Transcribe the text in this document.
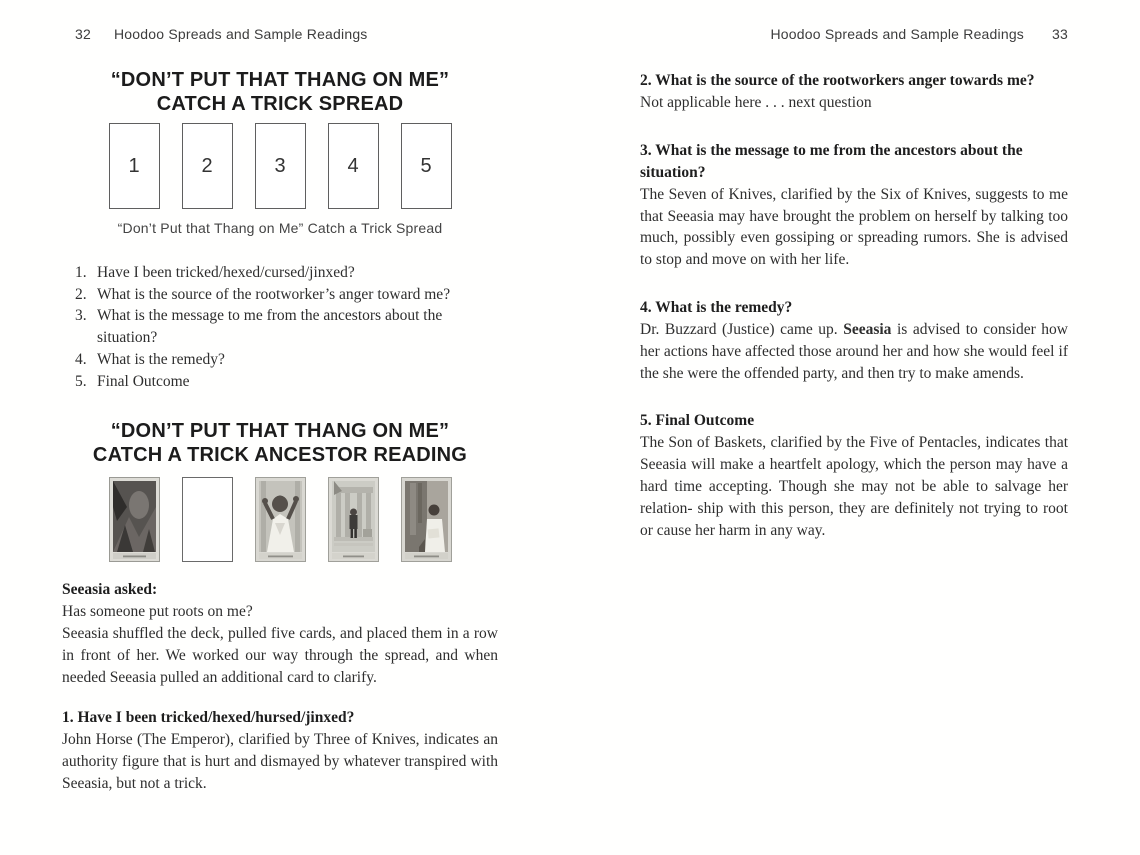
32 Hoodoo Spreads and Sample Readings
“DON’T PUT THAT THANG ON ME”
CATCH A TRICK SPREAD
1	2	3	4	5
“Don’t Put that Thang on Me” Catch a Trick Spread
1. Have I been tricked/hexed/cursed/jinxed?
2. What is the source of the rootworker’s anger toward me?
3. What is the message to me from the ancestors about the situation?
4. What is the remedy?
5. Final Outcome
“DON’T PUT THAT THANG ON ME”
CATCH A TRICK ANCESTOR READING

Seeasia asked:

Has someone put roots on me?

Seeasia shuffled the deck, pulled five cards, and placed them in a row in front of her. We worked our way through the spread, and when needed Seeasia pulled an additional card to clarify.

1. Have I been tricked/hexed/hursed/jinxed?

John Horse (The Emperor), clarified by Three of Knives, indicates an authority figure that is hurt and dismayed by whatever transpired with Seeasia, but not a trick.

Hoodoo Spreads and Sample Readings 33

2. What is the source of the rootworkers anger towards me?

Not applicable here . . . next question

3. What is the message to me from the ancestors about the situation?

The Seven of Knives, clarified by the Six of Knives, suggests to me that Seeasia may have brought the problem on herself by talking too much, possibly even gossiping or spreading rumors. She is advised to stop and move on with her life.

4. What is the remedy?

Dr. Buzzard (Justice) came up. Seeasia is advised to consider how her actions have affected those around her and how she would feel if the she were the offended party, and then try to make amends.

5. Final Outcome

The Son of Baskets, clarified by the Five of Pentacles, indicates that Seeasia will make a heartfelt apology, which the person may have a hard time accepting. Though she may not be able to salvage her relation- ship with this person, they are definitely not trying to root or cause her harm in any way.
